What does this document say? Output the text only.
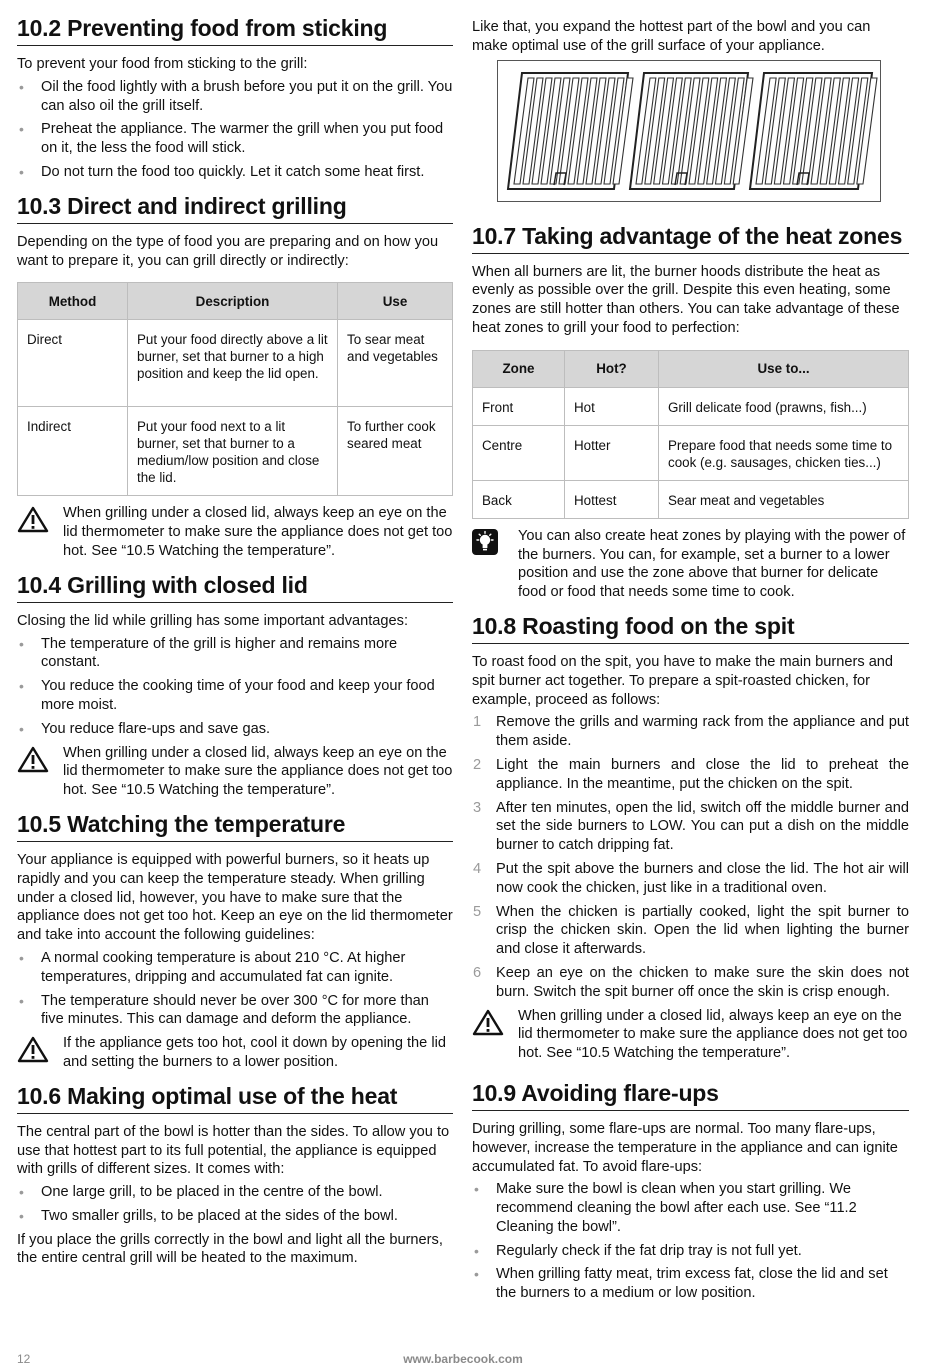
10.2 Preventing food from sticking

To prevent your food from sticking to the grill:

• Oil the food lightly with a brush before you put it on the grill. You can also oil the grill itself.
• Preheat the appliance. The warmer the grill when you put food on it, the less the food will stick.
• Do not turn the food too quickly. Let it catch some heat first.
10.3 Direct and indirect grilling

Depending on the type of food you are preparing and on how you want to prepare it, you can grill directly or indirectly:

Method	Description	Use
Direct	Put your food directly above a lit burner, set that burner to a high position and keep the lid open.	To sear meat and vegetables
Indirect	Put your food next to a lit burner, set that burner to a medium/low position and close the lid.	To further cook seared meat
When grilling under a closed lid, always keep an eye on the lid thermometer to make sure the appliance does not get too hot. See “10.5 Watching the temperature”.
10.4 Grilling with closed lid

Closing the lid while grilling has some important advantages:

• The temperature of the grill is higher and remains more constant.
• You reduce the cooking time of your food and keep your food more moist.
• You reduce flare-ups and save gas.
When grilling under a closed lid, always keep an eye on the lid thermometer to make sure the appliance does not get too hot. See “10.5 Watching the temperature”.
10.5 Watching the temperature

Your appliance is equipped with powerful burners, so it heats up rapidly and you can keep the temperature steady. When grilling under a closed lid, however, you have to make sure that the appliance does not get too hot. Keep an eye on the lid thermometer and take into account the following guidelines:

• A normal cooking temperature is about 210 °C. At higher temperatures, dripping and accumulated fat can ignite.
• The temperature should never be over 300 °C for more than five minutes. This can damage and deform the appliance.
If the appliance gets too hot, cool it down by opening the lid and setting the burners to a lower position.
10.6 Making optimal use of the heat

The central part of the bowl is hotter than the sides. To allow you to use that hottest part to its full potential, the appliance is equipped with grills of different sizes. It comes with:

• One large grill, to be placed in the centre of the bowl.
• Two smaller grills, to be placed at the sides of the bowl.

If you place the grills correctly in the bowl and light all the burners, the entire central grill will be heated to the maximum.

Like that, you expand the hottest part of the bowl and you can make optimal use of the grill surface of your appliance.

10.7 Taking advantage of the heat zones

When all burners are lit, the burner hoods distribute the heat as evenly as possible over the grill. Despite this even heating, some zones are still hotter than others. You can take advantage of these heat zones to grill your food to perfection:

Zone	Hot?	Use to...
Front	Hot	Grill delicate food (prawns, fish...)
Centre	Hotter	Prepare food that needs some time to cook (e.g. sausages, chicken ties...)
Back	Hottest	Sear meat and vegetables
You can also create heat zones by playing with the power of the burners. You can, for example, set a burner to a lower position and use the zone above that burner for delicate food or food that needs some time to cook.
10.8 Roasting food on the spit

To roast food on the spit, you have to make the main burners and spit burner act together. To prepare a spit-roasted chicken, for example, proceed as follows:

1 Remove the grills and warming rack from the appliance and put them aside.
2 Light the main burners and close the lid to preheat the appliance. In the meantime, put the chicken on the spit.
3 After ten minutes, open the lid, switch off the middle burner and set the side burners to LOW. You can put a dish on the middle burner to catch dripping fat.
4 Put the spit above the burners and close the lid. The hot air will now cook the chicken, just like in a traditional oven.
5 When the chicken is partially cooked, light the spit burner to crisp the chicken skin. Open the lid when lighting the burner and close it afterwards.
6 Keep an eye on the chicken to make sure the skin does not burn. Switch the spit burner off once the skin is crisp enough.
When grilling under a closed lid, always keep an eye on the lid thermometer to make sure the appliance does not get too hot. See “10.5 Watching the temperature”.
10.9 Avoiding flare-ups

During grilling, some flare-ups are normal. Too many flare-ups, however, increase the temperature in the appliance and can ignite accumulated fat. To avoid flare-ups:

• Make sure the bowl is clean when you start grilling. We recommend cleaning the bowl after each use. See “11.2 Cleaning the bowl”.
• Regularly check if the fat drip tray is not full yet.
• When grilling fatty meat, trim excess fat, close the lid and set the burners to a medium or low position.
12	www.barbecook.com
